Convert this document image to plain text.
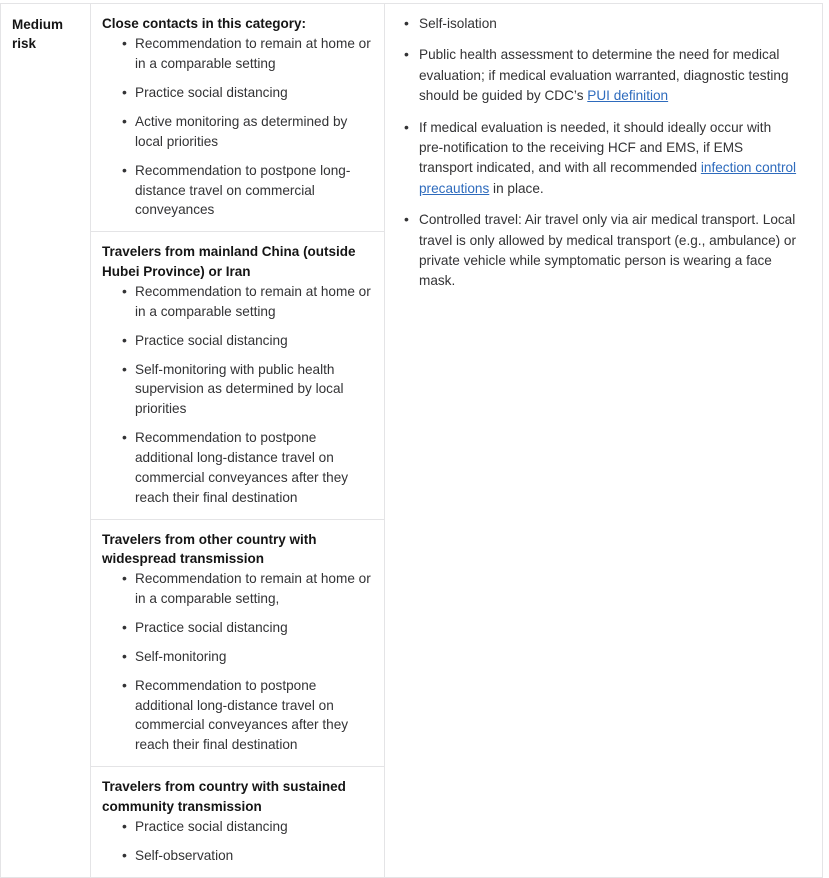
Medium risk

Close contacts in this category:
• Recommendation to remain at home or in a comparable setting
• Practice social distancing
• Active monitoring as determined by local priorities
• Recommendation to postpone long-distance travel on commercial conveyances

Travelers from mainland China (outside Hubei Province) or Iran
• Recommendation to remain at home or in a comparable setting
• Practice social distancing
• Self-monitoring with public health supervision as determined by local priorities
• Recommendation to postpone additional long-distance travel on commercial conveyances after they reach their final destination

Travelers from other country with widespread transmission
• Recommendation to remain at home or in a comparable setting,
• Practice social distancing
• Self-monitoring
• Recommendation to postpone additional long-distance travel on commercial conveyances after they reach their final destination

Travelers from country with sustained community transmission
• Practice social distancing
• Self-observation

• Self-isolation
• Public health assessment to determine the need for medical evaluation; if medical evaluation warranted, diagnostic testing should be guided by CDC’s PUI definition
• If medical evaluation is needed, it should ideally occur with pre-notification to the receiving HCF and EMS, if EMS transport indicated, and with all recommended infection control precautions in place.
• Controlled travel: Air travel only via air medical transport. Local travel is only allowed by medical transport (e.g., ambulance) or private vehicle while symptomatic person is wearing a face mask.
